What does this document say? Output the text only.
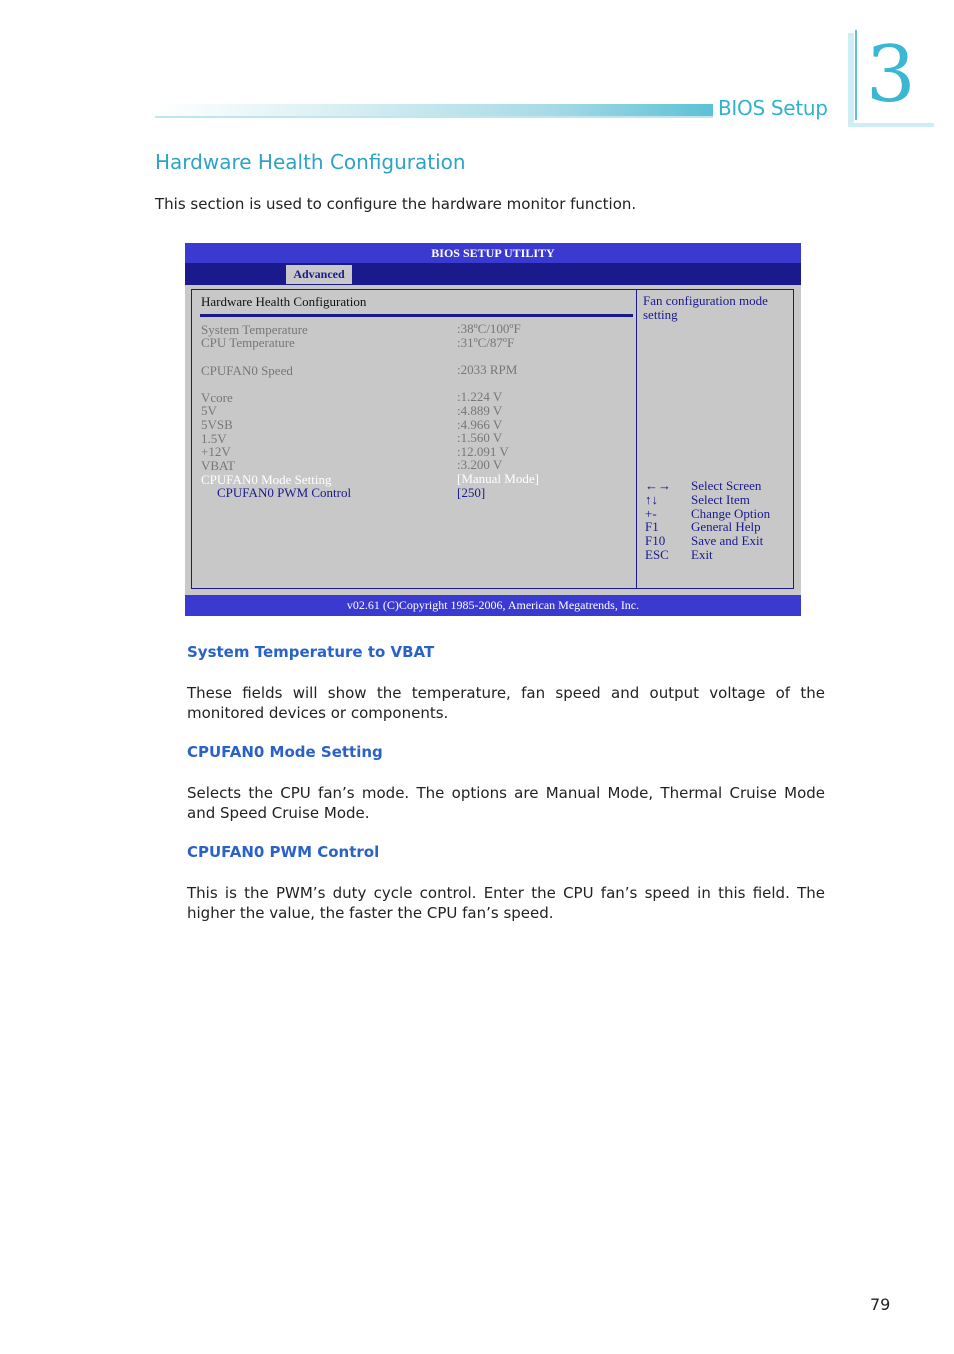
BIOS Setup 3
Hardware Health Configuration
This section is used to configure the hardware monitor function.
BIOS SETUP UTILITY
Advanced
Hardware Health Configuration
System Temperature	:38ºC/100ºF
CPU Temperature	:31ºC/87ºF
CPUFAN0 Speed	:2033 RPM
Vcore	:1.224 V
5V	:4.889 V
5VSB	:4.966 V
1.5V	:1.560 V
+12V	:12.091 V
VBAT	:3.200 V
CPUFAN0 Mode Setting	[Manual Mode]
CPUFAN0 PWM Control	[250]
Fan configuration mode setting
←→ Select Screen
↑↓	Select Item
+-	Change Option
F1 General Help
F10 Save and Exit
ESC Exit
v02.61 (C)Copyright 1985-2006, American Megatrends, Inc.
System Temperature to VBAT
These fields will show the temperature, fan speed and output voltage of the monitored devices or components.
CPUFAN0 Mode Setting
Selects the CPU fan’s mode. The options are Manual Mode, Thermal Cruise Mode and Speed Cruise Mode.
CPUFAN0 PWM Control
This is the PWM’s duty cycle control. Enter the CPU fan’s speed in this field. The higher the value, the faster the CPU fan’s speed.
79
